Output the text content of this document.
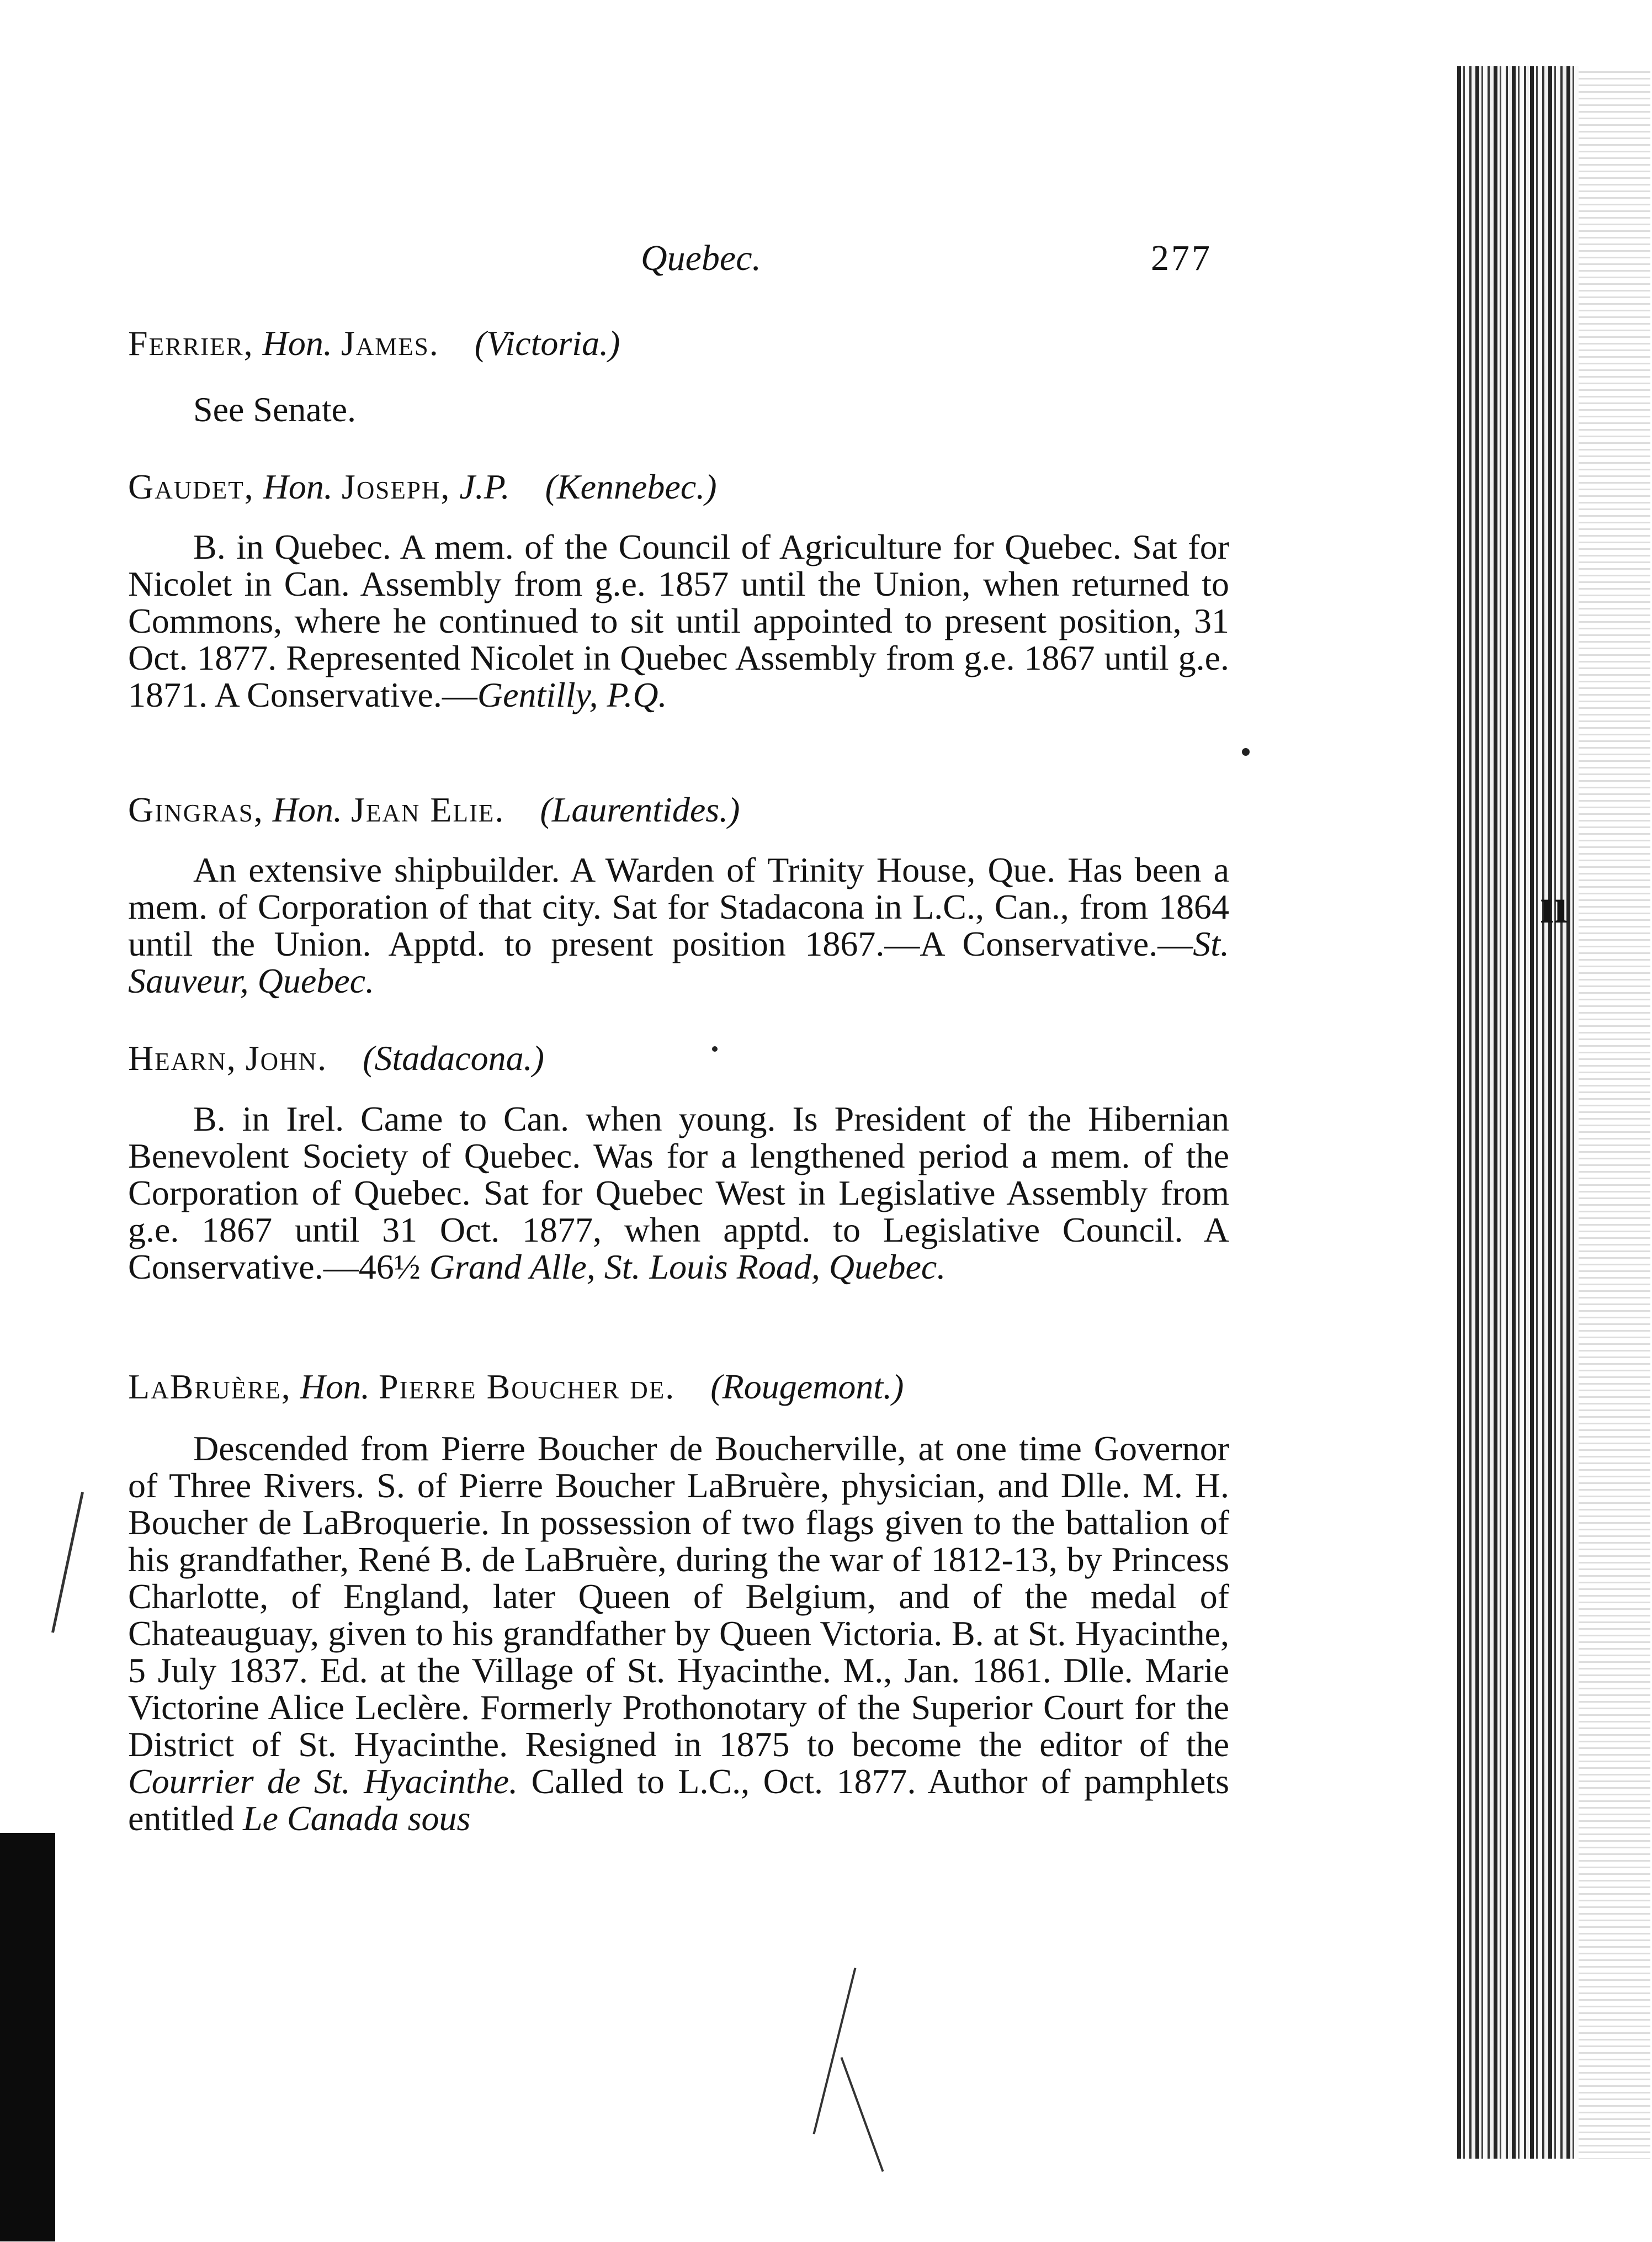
ıı
Quebec.	277
Ferrier, Hon. James. (Victoria.)
See Senate.
Gaudet, Hon. Joseph, J.P. (Kennebec.)

B. in Quebec. A mem. of the Council of Agriculture for Quebec. Sat for Nicolet in Can. Assembly from g.e. 1857 until the Union, when returned to Commons, where he continued to sit until appointed to present position, 31 Oct. 1877. Represented Nicolet in Quebec Assembly from g.e. 1867 until g.e. 1871. A Conservative.—Gentilly, P.Q.

Gingras, Hon. Jean Elie. (Laurentides.)

An extensive shipbuilder. A Warden of Trinity House, Que. Has been a mem. of Corporation of that city. Sat for Stadacona in L.C., Can., from 1864 until the Union. Apptd. to present position 1867.—A Conservative.—St. Sauveur, Quebec.

Hearn, John. (Stadacona.)

B. in Irel. Came to Can. when young. Is President of the Hibernian Benevolent Society of Quebec. Was for a lengthened period a mem. of the Corporation of Quebec. Sat for Quebec West in Legislative Assembly from g.e. 1867 until 31 Oct. 1877, when apptd. to Legislative Council. A Conservative.—46½ Grand Alle, St. Louis Road, Quebec.

LaBruère, Hon. Pierre Boucher de. (Rougemont.)

Descended from Pierre Boucher de Boucherville, at one time Governor of Three Rivers. S. of Pierre Boucher LaBruère, physician, and Dlle. M. H. Boucher de LaBroquerie. In possession of two flags given to the battalion of his grandfather, René B. de LaBruère, during the war of 1812-13, by Princess Charlotte, of England, later Queen of Belgium, and of the medal of Chateauguay, given to his grandfather by Queen Victoria. B. at St. Hyacinthe, 5 July 1837. Ed. at the Village of St. Hyacinthe. M., Jan. 1861. Dlle. Marie Victorine Alice Leclère. Formerly Prothonotary of the Superior Court for the District of St. Hyacinthe. Resigned in 1875 to become the editor of the Courrier de St. Hyacinthe. Called to L.C., Oct. 1877. Author of pamphlets entitled Le Canada sous
